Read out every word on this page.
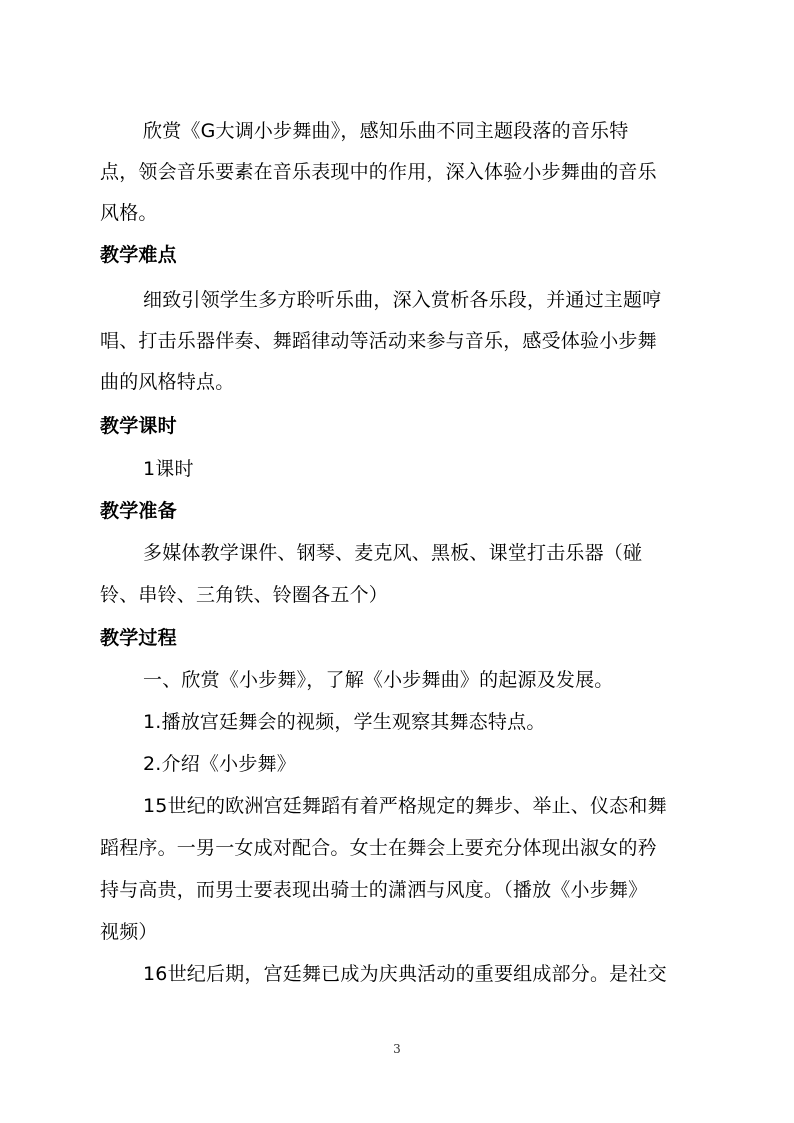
欣赏《G大调小步舞曲》，感知乐曲不同主题段落的音乐特
点，领会音乐要素在音乐表现中的作用，深入体验小步舞曲的音乐
风格。
教学难点
细致引领学生多方聆听乐曲，深入赏析各乐段，并通过主题哼
唱、打击乐器伴奏、舞蹈律动等活动来参与音乐，感受体验小步舞
曲的风格特点。
教学课时
1课时
教学准备
多媒体教学课件、钢琴、麦克风、黑板、课堂打击乐器（碰
铃、串铃、三角铁、铃圈各五个）
教学过程
一、欣赏《小步舞》，了解《小步舞曲》的起源及发展。
1.播放宫廷舞会的视频，学生观察其舞态特点。
2.介绍《小步舞》
15世纪的欧洲宫廷舞蹈有着严格规定的舞步、举止、仪态和舞
蹈程序。一男一女成对配合。女士在舞会上要充分体现出淑女的矜
持与高贵，而男士要表现出骑士的潇洒与风度。（播放《小步舞》
视频）
16世纪后期，宫廷舞已成为庆典活动的重要组成部分。是社交
3
